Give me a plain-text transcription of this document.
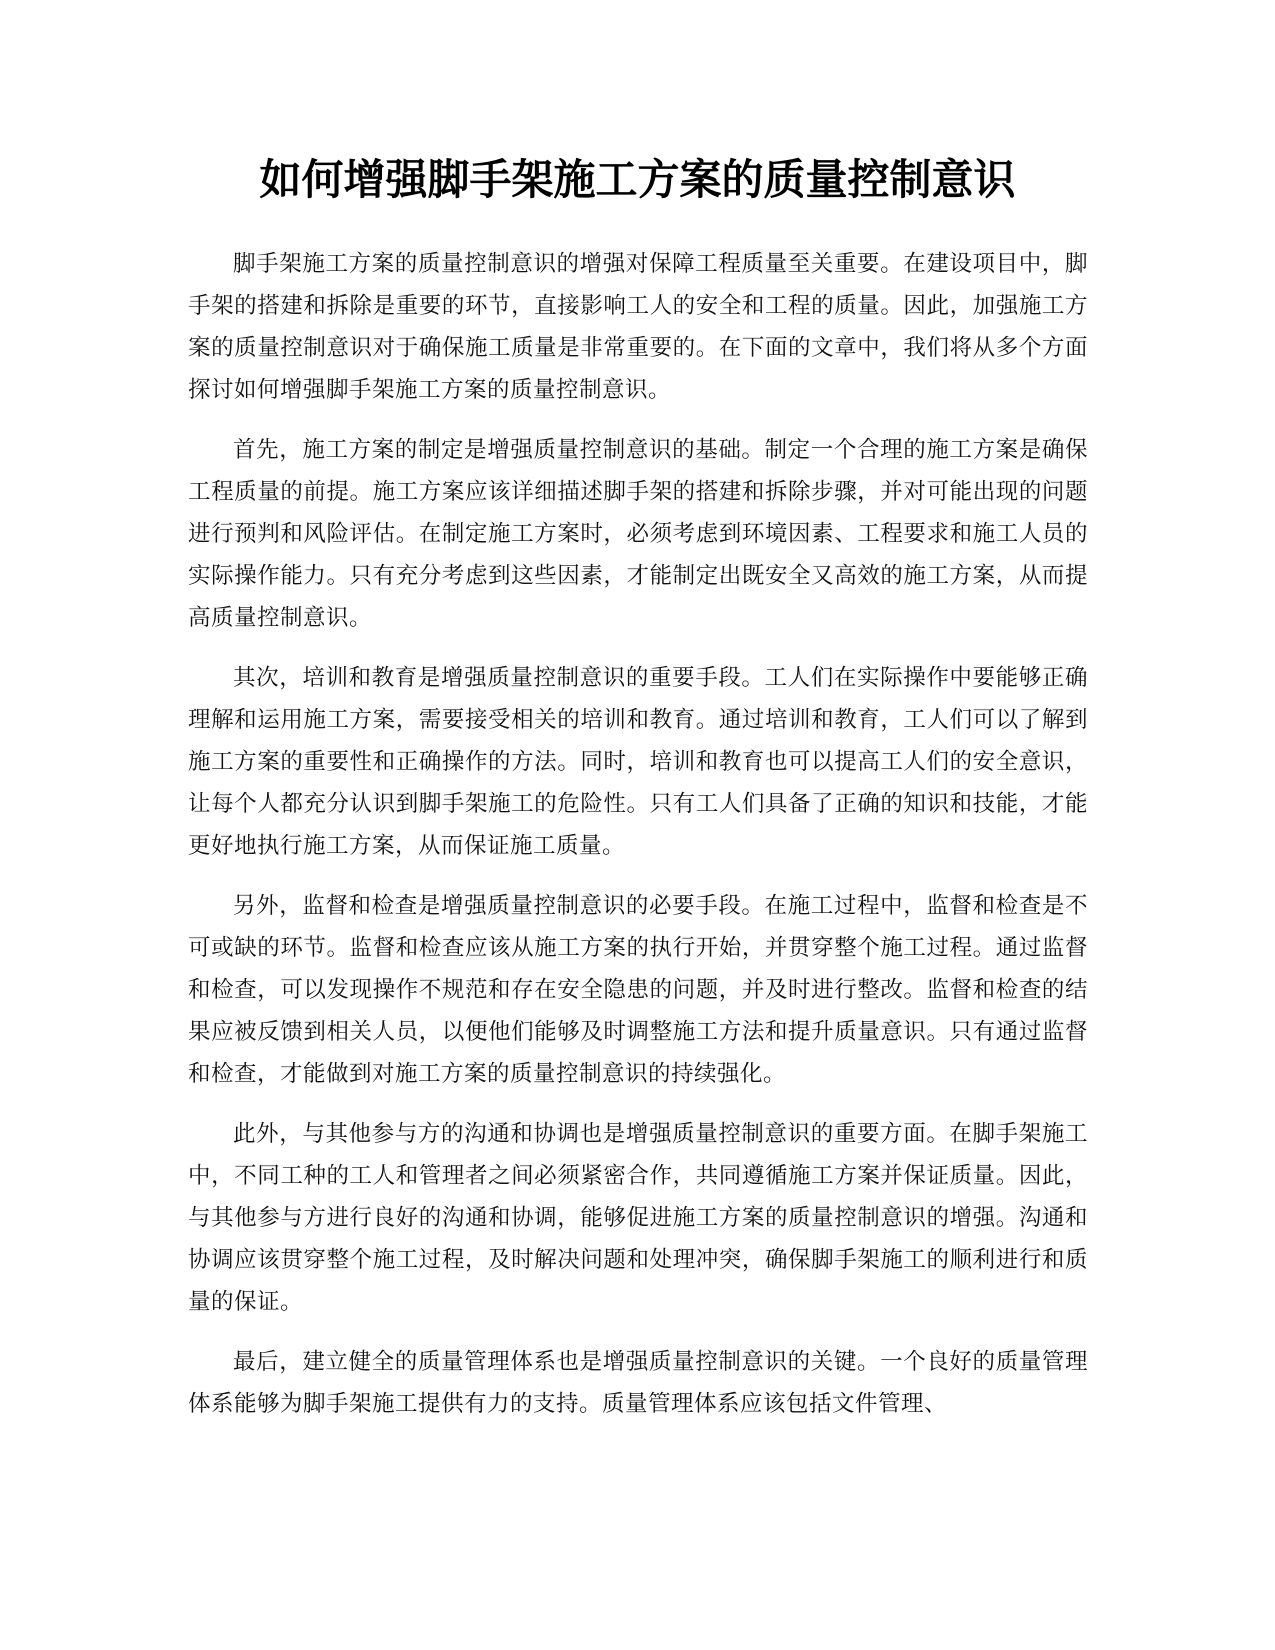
如何增强脚手架施工方案的质量控制意识

脚手架施工方案的质量控制意识的增强对保障工程质量至关重要。在建设项目中，脚手架的搭建和拆除是重要的环节，直接影响工人的安全和工程的质量。因此，加强施工方案的质量控制意识对于确保施工质量是非常重要的。在下面的文章中，我们将从多个方面探讨如何增强脚手架施工方案的质量控制意识。

首先，施工方案的制定是增强质量控制意识的基础。制定一个合理的施工方案是确保工程质量的前提。施工方案应该详细描述脚手架的搭建和拆除步骤，并对可能出现的问题进行预判和风险评估。在制定施工方案时，必须考虑到环境因素、工程要求和施工人员的实际操作能力。只有充分考虑到这些因素，才能制定出既安全又高效的施工方案，从而提高质量控制意识。

其次，培训和教育是增强质量控制意识的重要手段。工人们在实际操作中要能够正确理解和运用施工方案，需要接受相关的培训和教育。通过培训和教育，工人们可以了解到施工方案的重要性和正确操作的方法。同时，培训和教育也可以提高工人们的安全意识，让每个人都充分认识到脚手架施工的危险性。只有工人们具备了正确的知识和技能，才能更好地执行施工方案，从而保证施工质量。

另外，监督和检查是增强质量控制意识的必要手段。在施工过程中，监督和检查是不可或缺的环节。监督和检查应该从施工方案的执行开始，并贯穿整个施工过程。通过监督和检查，可以发现操作不规范和存在安全隐患的问题，并及时进行整改。监督和检查的结果应被反馈到相关人员，以便他们能够及时调整施工方法和提升质量意识。只有通过监督和检查，才能做到对施工方案的质量控制意识的持续强化。

此外，与其他参与方的沟通和协调也是增强质量控制意识的重要方面。在脚手架施工中，不同工种的工人和管理者之间必须紧密合作，共同遵循施工方案并保证质量。因此，与其他参与方进行良好的沟通和协调，能够促进施工方案的质量控制意识的增强。沟通和协调应该贯穿整个施工过程，及时解决问题和处理冲突，确保脚手架施工的顺利进行和质量的保证。

最后，建立健全的质量管理体系也是增强质量控制意识的关键。一个良好的质量管理体系能够为脚手架施工提供有力的支持。质量管理体系应该包括文件管理、
